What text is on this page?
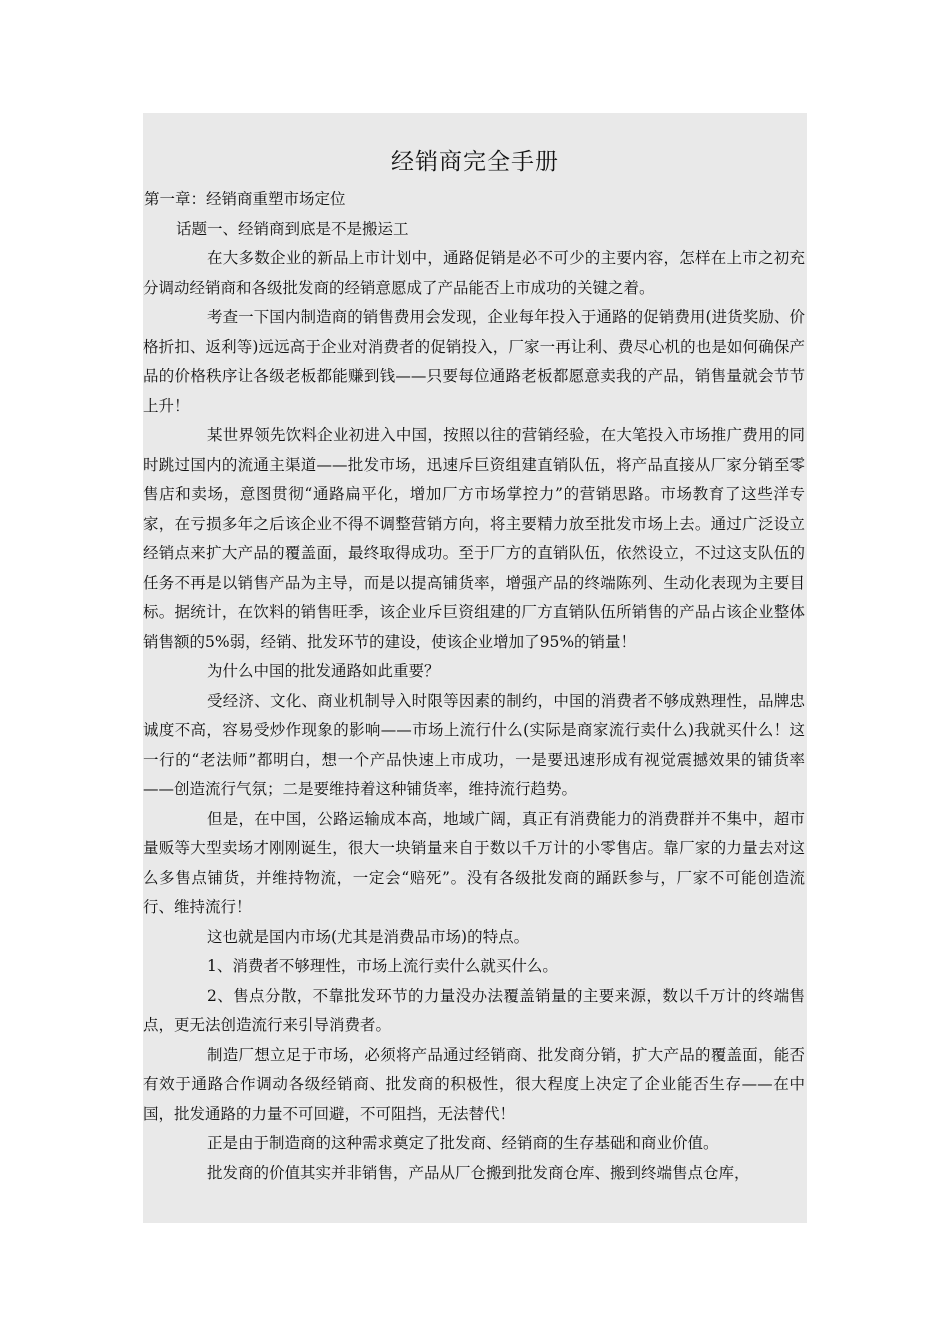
经销商完全手册
第一章：经销商重塑市场定位
话题一、经销商到底是不是搬运工

在大多数企业的新品上市计划中，通路促销是必不可少的主要内容，怎样在上市之初充分调动经销商和各级批发商的经销意愿成了产品能否上市成功的关键之着。

考查一下国内制造商的销售费用会发现，企业每年投入于通路的促销费用(进货奖励、价格折扣、返利等)远远高于企业对消费者的促销投入，厂家一再让利、费尽心机的也是如何确保产品的价格秩序让各级老板都能赚到钱——只要每位通路老板都愿意卖我的产品，销售量就会节节上升！

某世界领先饮料企业初进入中国，按照以往的营销经验，在大笔投入市场推广费用的同时跳过国内的流通主渠道——批发市场，迅速斥巨资组建直销队伍，将产品直接从厂家分销至零售店和卖场，意图贯彻“通路扁平化，增加厂方市场掌控力”的营销思路。市场教育了这些洋专家，在亏损多年之后该企业不得不调整营销方向，将主要精力放至批发市场上去。通过广泛设立经销点来扩大产品的覆盖面，最终取得成功。至于厂方的直销队伍，依然设立，不过这支队伍的任务不再是以销售产品为主导，而是以提高铺货率，增强产品的终端陈列、生动化表现为主要目标。据统计，在饮料的销售旺季，该企业斥巨资组建的厂方直销队伍所销售的产品占该企业整体销售额的5%弱，经销、批发环节的建设，使该企业增加了95%的销量！

为什么中国的批发通路如此重要？

受经济、文化、商业机制导入时限等因素的制约，中国的消费者不够成熟理性，品牌忠诚度不高，容易受炒作现象的影响——市场上流行什么(实际是商家流行卖什么)我就买什么！这一行的“老法师”都明白，想一个产品快速上市成功，一是要迅速形成有视觉震撼效果的铺货率——创造流行气氛；二是要维持着这种铺货率，维持流行趋势。

但是，在中国，公路运输成本高，地域广阔，真正有消费能力的消费群并不集中，超市量贩等大型卖场才刚刚诞生，很大一块销量来自于数以千万计的小零售店。靠厂家的力量去对这么多售点铺货，并维持物流，一定会“赔死”。没有各级批发商的踊跃参与，厂家不可能创造流行、维持流行！

这也就是国内市场(尤其是消费品市场)的特点。

1、消费者不够理性，市场上流行卖什么就买什么。

2、售点分散，不靠批发环节的力量没办法覆盖销量的主要来源，数以千万计的终端售点，更无法创造流行来引导消费者。

制造厂想立足于市场，必须将产品通过经销商、批发商分销，扩大产品的覆盖面，能否有效于通路合作调动各级经销商、批发商的积极性，很大程度上决定了企业能否生存——在中国，批发通路的力量不可回避，不可阻挡，无法替代！

正是由于制造商的这种需求奠定了批发商、经销商的生存基础和商业价值。

批发商的价值其实并非销售，产品从厂仓搬到批发商仓库、搬到终端售点仓库，
